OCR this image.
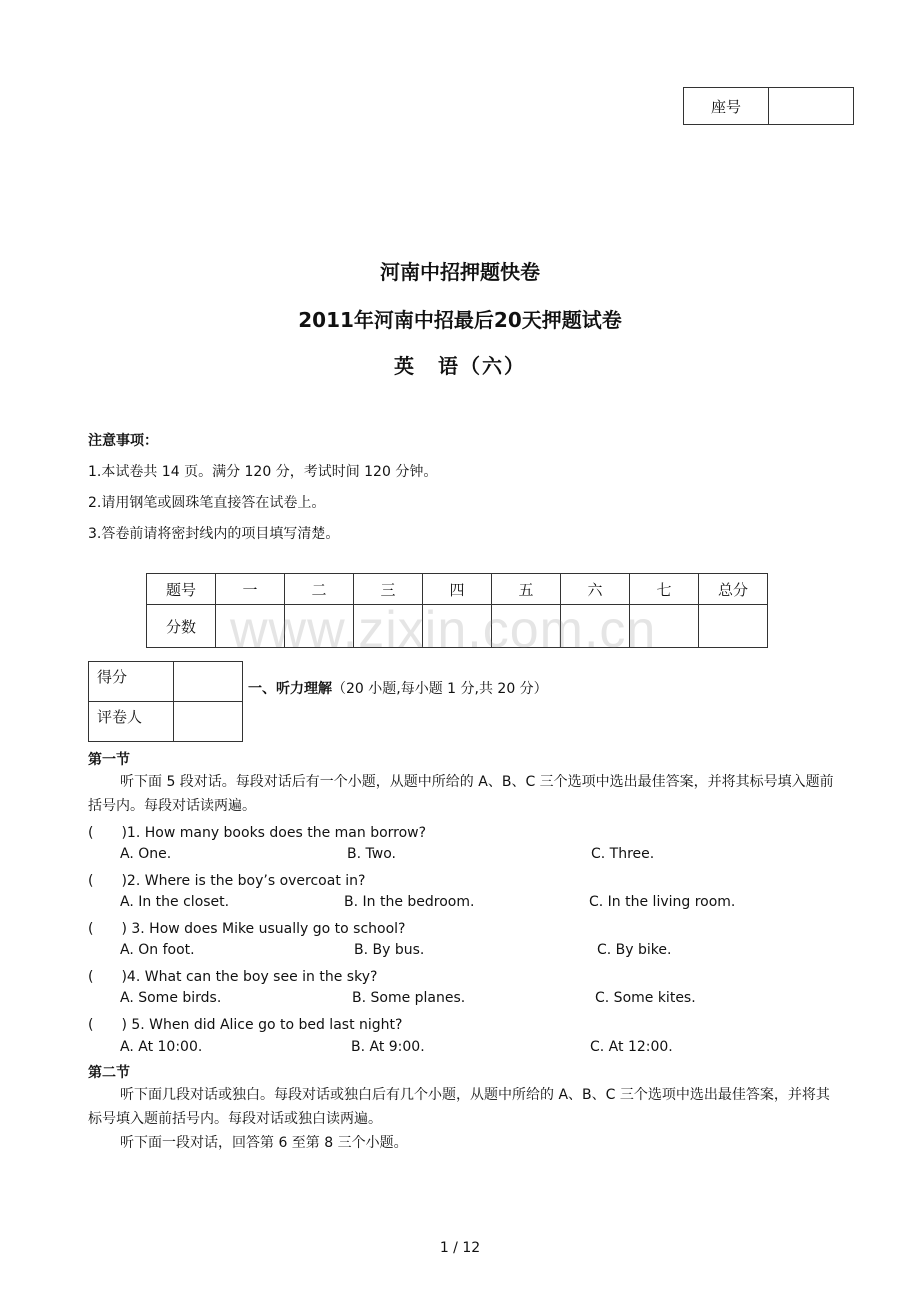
座号	
河南中招押题快卷
2011年河南中招最后20天押题试卷
英　语（六）
注意事项：
1.本试卷共 14 页。满分 120 分，考试时间 120 分钟。
2.请用钢笔或圆珠笔直接答在试卷上。
3.答卷前请将密封线内的项目填写清楚。
题号	一	二	三	四	五	六	七	总分
分数								www.zixin.com.cn
得分	
评卷人	
一、听力理解（20 小题,每小题 1 分,共 20 分）
第一节
听下面 5 段对话。每段对话后有一个小题，从题中所给的 A、B、C 三个选项中选出最佳答案，并将其标号填入题前括号内。每段对话读两遍。
(　　)1. How many books does the man borrow?
A. One.	B. Two.	C. Three.
(　　)2. Where is the boy’s overcoat in?
A. In the closet.	B. In the bedroom.	C. In the living room.
(　　) 3. How does Mike usually go to school?
A. On foot.	B. By bus.	C. By bike.
(　　)4. What can the boy see in the sky?
A. Some birds.	B. Some planes.	C. Some kites.
(　　) 5. When did Alice go to bed last night?
A. At 10:00.	B. At 9:00.	C. At 12:00.
第二节
听下面几段对话或独白。每段对话或独白后有几个小题，从题中所给的 A、B、C 三个选项中选出最佳答案，并将其标号填入题前括号内。每段对话或独白读两遍。
听下面一段对话，回答第 6 至第 8 三个小题。
1 / 12
